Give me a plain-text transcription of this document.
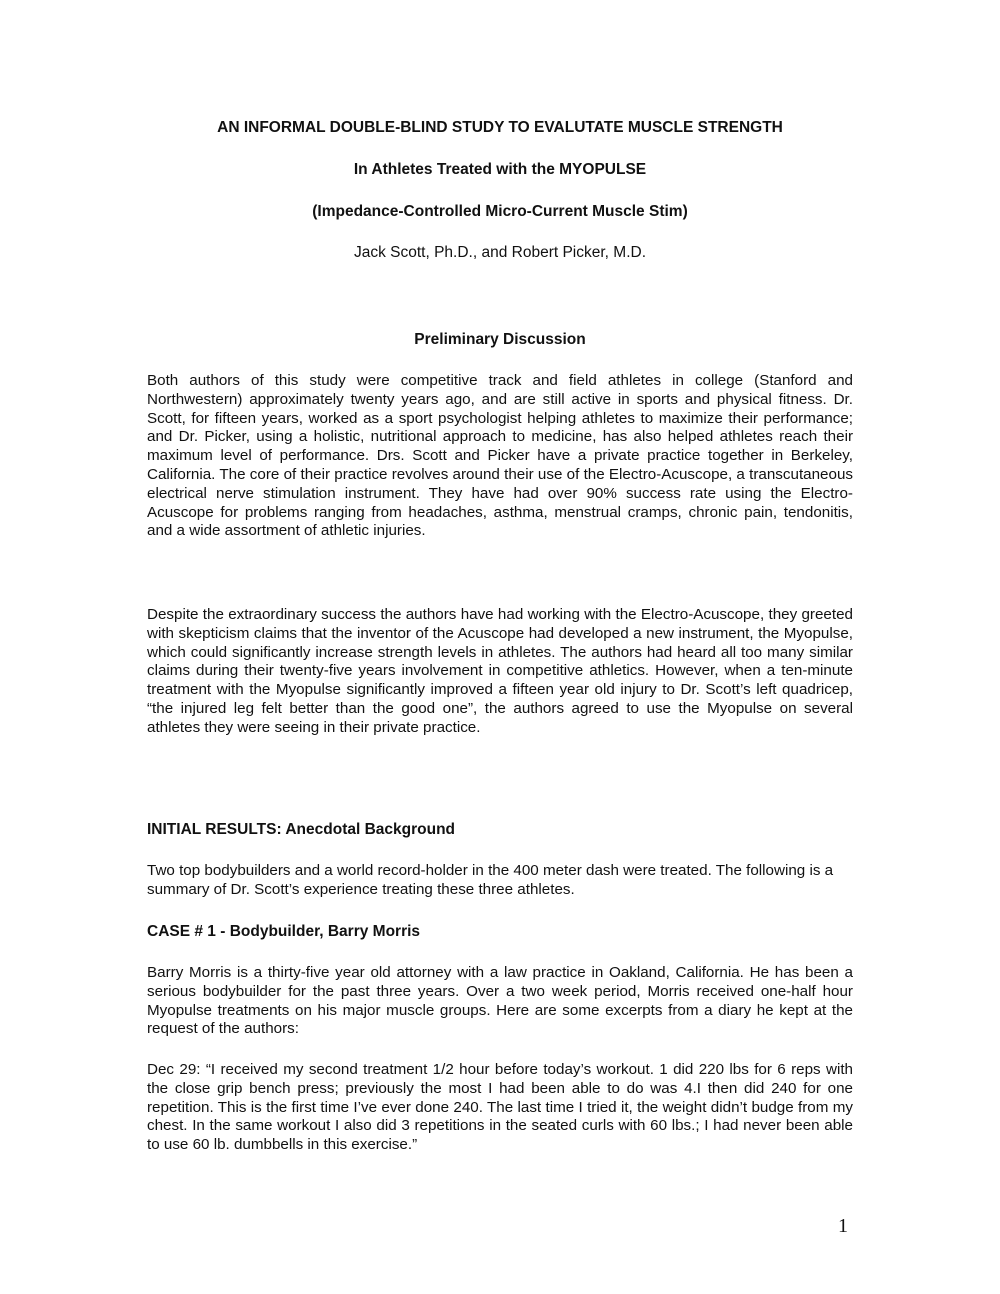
AN INFORMAL DOUBLE-BLIND STUDY TO EVALUTATE MUSCLE STRENGTH

In Athletes Treated with the MYOPULSE

(Impedance-Controlled Micro-Current Muscle Stim)

Jack Scott, Ph.D., and Robert Picker, M.D.

Preliminary Discussion

Both authors of this study were competitive track and field athletes in college (Stanford and Northwestern) approximately twenty years ago, and are still active in sports and physical fitness. Dr. Scott, for fifteen years, worked as a sport psychologist helping athletes to maximize their performance; and Dr. Picker, using a holistic, nutritional approach to medicine, has also helped athletes reach their maximum level of performance. Drs. Scott and Picker have a private practice together in Berkeley, California. The core of their practice revolves around their use of the Electro-Acuscope, a transcutaneous electrical nerve stimulation instrument. They have had over 90% success rate using the Electro-Acuscope for problems ranging from headaches, asthma, menstrual cramps, chronic pain, tendonitis, and a wide assortment of athletic injuries.

Despite the extraordinary success the authors have had working with the Electro-Acuscope, they greeted with skepticism claims that the inventor of the Acuscope had developed a new instrument, the Myopulse, which could significantly increase strength levels in athletes. The authors had heard all too many similar claims during their twenty-five years involvement in competitive athletics. However, when a ten-minute treatment with the Myopulse significantly improved a fifteen year old injury to Dr. Scott’s left quadricep, “the injured leg felt better than the good one”, the authors agreed to use the Myopulse on several athletes they were seeing in their private practice.

INITIAL RESULTS: Anecdotal Background

Two top bodybuilders and a world record-holder in the 400 meter dash were treated. The following is a summary of Dr. Scott’s experience treating these three athletes.

CASE # 1 - Bodybuilder, Barry Morris

Barry Morris is a thirty-five year old attorney with a law practice in Oakland, California. He has been a serious bodybuilder for the past three years. Over a two week period, Morris received one-half hour Myopulse treatments on his major muscle groups. Here are some excerpts from a diary he kept at the request of the authors:

Dec 29: “I received my second treatment 1/2 hour before today’s workout. 1 did 220 lbs for 6 reps with the close grip bench press; previously the most I had been able to do was 4.I then did 240 for one repetition. This is the first time I’ve ever done 240. The last time I tried it, the weight didn’t budge from my chest. In the same workout I also did 3 repetitions in the seated curls with 60 lbs.; I had never been able to use 60 lb. dumbbells in this exercise.”

1
